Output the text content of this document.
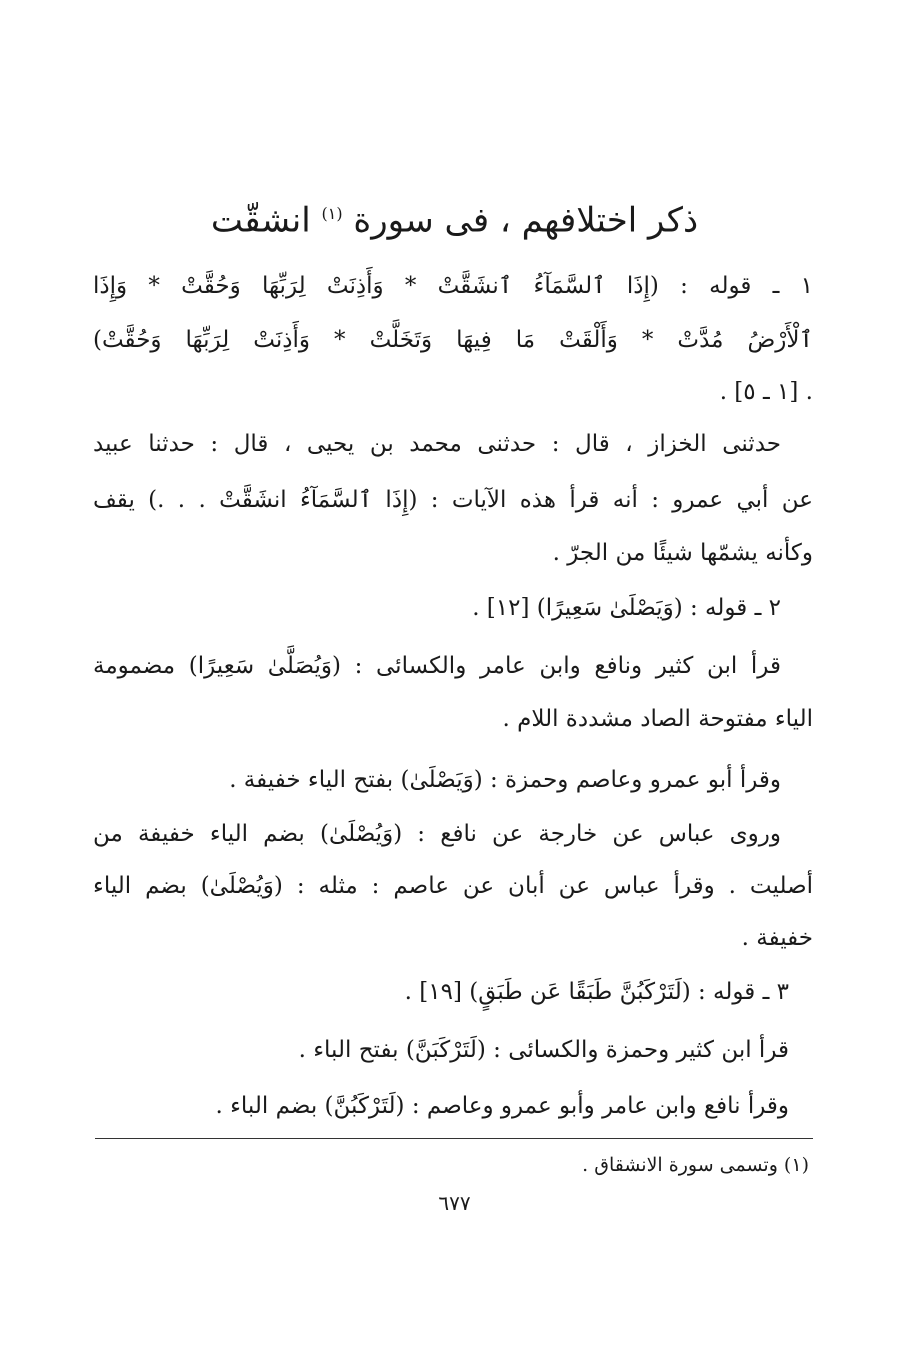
ذكر اختلافهم ، فى سورة $^{(١)}$ انشقّت
١ ـ قوله : (إِذَا ٱلسَّمَآءُ ٱنشَقَّتْ * وَأَذِنَتْ لِرَبِّهَا وَحُقَّتْ * وَإِذَا
ٱلْأَرْضُ مُدَّتْ * وَأَلْقَتْ مَا فِيهَا وَتَخَلَّتْ * وَأَذِنَتْ لِرَبِّهَا وَحُقَّتْ)
. [١ ـ ٥] .
حدثنى الخزاز ، قال : حدثنى محمد بن يحيى ، قال : حدثنا عبيد
عن أبي عمرو : أنه قرأ هذه الآيات : (إِذَا ٱلسَّمَآءُ انشَقَّتْ . . .) يقف
وكأنه يشمّها شيئًا من الجرّ .
٢ ـ قوله : (وَيَصْلَىٰ سَعِيرًا) [١٢] .
قرأ ابن كثير ونافع وابن عامر والكسائى : (وَيُصَلَّىٰ سَعِيرًا) مضمومة
الياء مفتوحة الصاد مشددة اللام .
وقرأ أبو عمرو وعاصم وحمزة : (وَيَصْلَىٰ) بفتح الياء خفيفة .
وروى عباس عن خارجة عن نافع : (وَيُصْلَىٰ) بضم الياء خفيفة من
أصليت . وقرأ عباس عن أبان عن عاصم : مثله : (وَيُصْلَىٰ) بضم الياء
خفيفة .
٣ ـ قوله : (لَتَرْكَبُنَّ طَبَقًا عَن طَبَقٍ) [١٩] .
قرأ ابن كثير وحمزة والكسائى : (لَتَرْكَبَنَّ) بفتح الباء .
وقرأ نافع وابن عامر وأبو عمرو وعاصم : (لَتَرْكَبُنَّ) بضم الباء .
(١) وتسمى سورة الانشقاق .
٦٧٧
